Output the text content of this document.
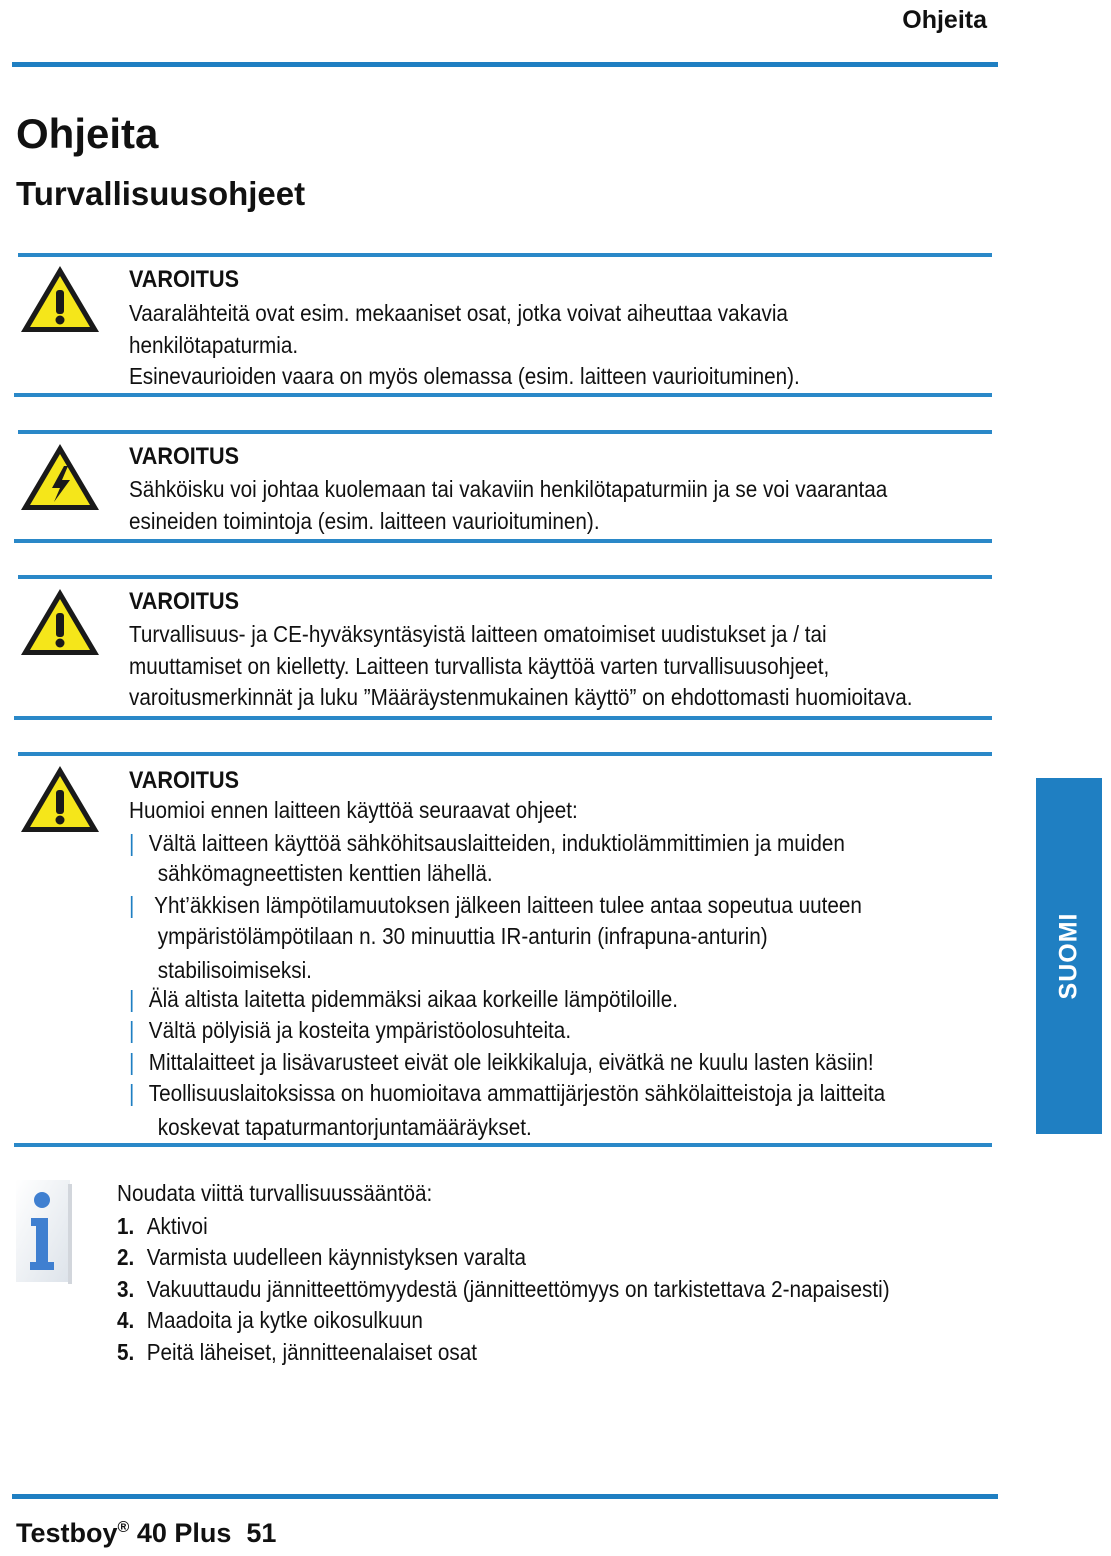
Ohjeita
Ohjeita
Turvallisuusohjeet
VAROITUS
Vaaralähteitä ovat esim. mekaaniset osat, jotka voivat aiheuttaa vakavia
henkilötapaturmia.
Esinevaurioiden vaara on myös olemassa (esim. laitteen vaurioituminen).
VAROITUS
Sähköisku voi johtaa kuolemaan tai vakaviin henkilötapaturmiin ja se voi vaarantaa
esineiden toimintoja (esim. laitteen vaurioituminen).
VAROITUS
Turvallisuus- ja CE-hyväksyntäsyistä laitteen omatoimiset uudistukset ja / tai
muuttamiset on kielletty. Laitteen turvallista käyttöä varten turvallisuusohjeet,
varoitusmerkinnät ja luku ”Määräystenmukainen käyttö” on ehdottomasti huomioitava.
VAROITUS
Huomioi ennen laitteen käyttöä seuraavat ohjeet:
| Vältä laitteen käyttöä sähköhitsauslaitteiden, induktiolämmittimien ja muiden
sähkömagneettisten kenttien lähellä.
| Yht’äkkisen lämpötilamuutoksen jälkeen laitteen tulee antaa sopeutua uuteen
ympäristölämpötilaan n. 30 minuuttia IR-anturin (infrapuna-anturin)
stabilisoimiseksi.
| Älä altista laitetta pidemmäksi aikaa korkeille lämpötiloille.
| Vältä pölyisiä ja kosteita ympäristöolosuhteita.
| Mittalaitteet ja lisävarusteet eivät ole leikkikaluja, eivätkä ne kuulu lasten käsiin!
| Teollisuuslaitoksissa on huomioitava ammattijärjestön sähkölaitteistoja ja laitteita
koskevat tapaturmantorjuntamääräykset.
Noudata viittä turvallisuussääntöä:
1. Aktivoi
2. Varmista uudelleen käynnistyksen varalta
3. Vakuuttaudu jännitteettömyydestä (jännitteettömyys on tarkistettava 2-napaisesti)
4. Maadoita ja kytke oikosulkuun
5. Peitä läheiset, jännitteenalaiset osat
SUOMI
Testboy® 40 Plus 51
